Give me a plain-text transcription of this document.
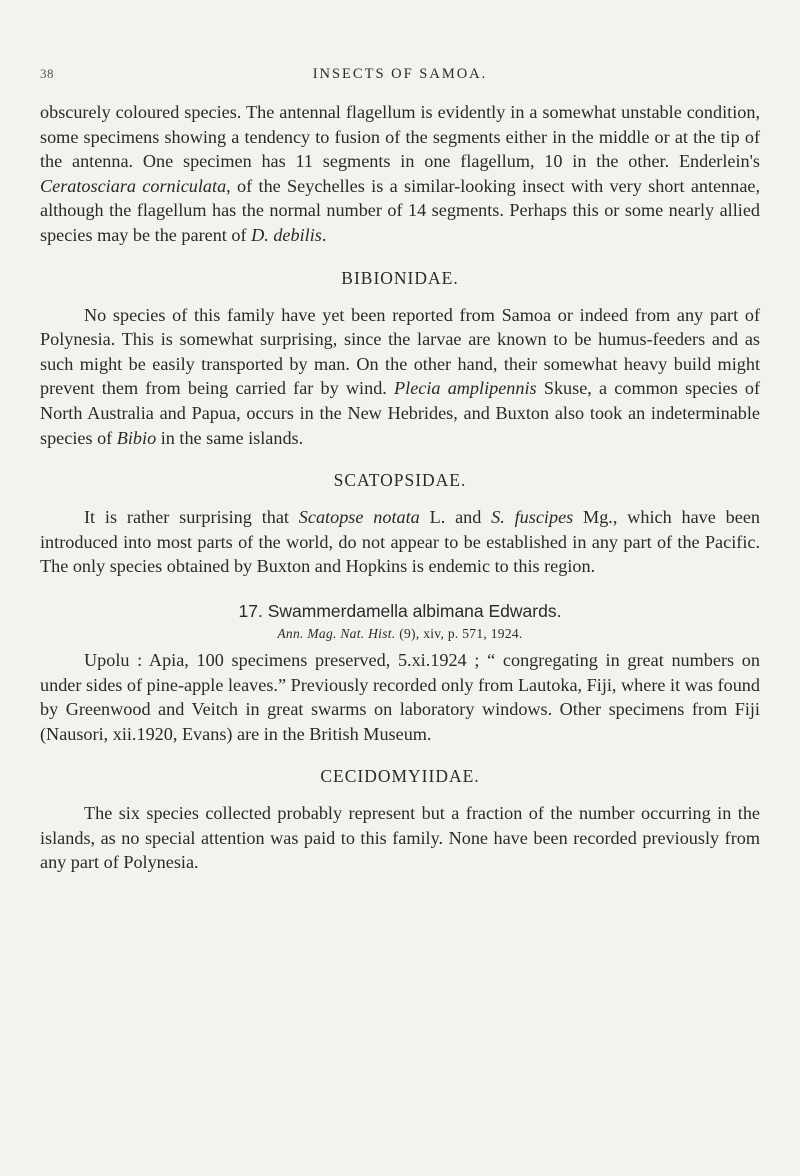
38	INSECTS OF SAMOA.

obscurely coloured species. The antennal flagellum is evidently in a somewhat unstable condition, some specimens showing a tendency to fusion of the segments either in the middle or at the tip of the antenna. One specimen has 11 segments in one flagellum, 10 in the other. Enderlein's Ceratosciara corniculata, of the Seychelles is a similar-looking insect with very short antennae, although the flagellum has the normal number of 14 segments. Perhaps this or some nearly allied species may be the parent of D. debilis.

BIBIONIDAE.

No species of this family have yet been reported from Samoa or indeed from any part of Polynesia. This is somewhat surprising, since the larvae are known to be humus-feeders and as such might be easily transported by man. On the other hand, their somewhat heavy build might prevent them from being carried far by wind. Plecia amplipennis Skuse, a common species of North Australia and Papua, occurs in the New Hebrides, and Buxton also took an indeterminable species of Bibio in the same islands.

SCATOPSIDAE.

It is rather surprising that Scatopse notata L. and S. fuscipes Mg., which have been introduced into most parts of the world, do not appear to be established in any part of the Pacific. The only species obtained by Buxton and Hopkins is endemic to this region.

17. Swammerdamella albimana Edwards.
Ann. Mag. Nat. Hist. (9), xiv, p. 571, 1924.

Upolu : Apia, 100 specimens preserved, 5.xi.1924 ; “ congregating in great numbers on under sides of pine-apple leaves.” Previously recorded only from Lautoka, Fiji, where it was found by Greenwood and Veitch in great swarms on laboratory windows. Other specimens from Fiji (Nausori, xii.1920, Evans) are in the British Museum.

CECIDOMYIIDAE.

The six species collected probably represent but a fraction of the number occurring in the islands, as no special attention was paid to this family. None have been recorded previously from any part of Polynesia.
